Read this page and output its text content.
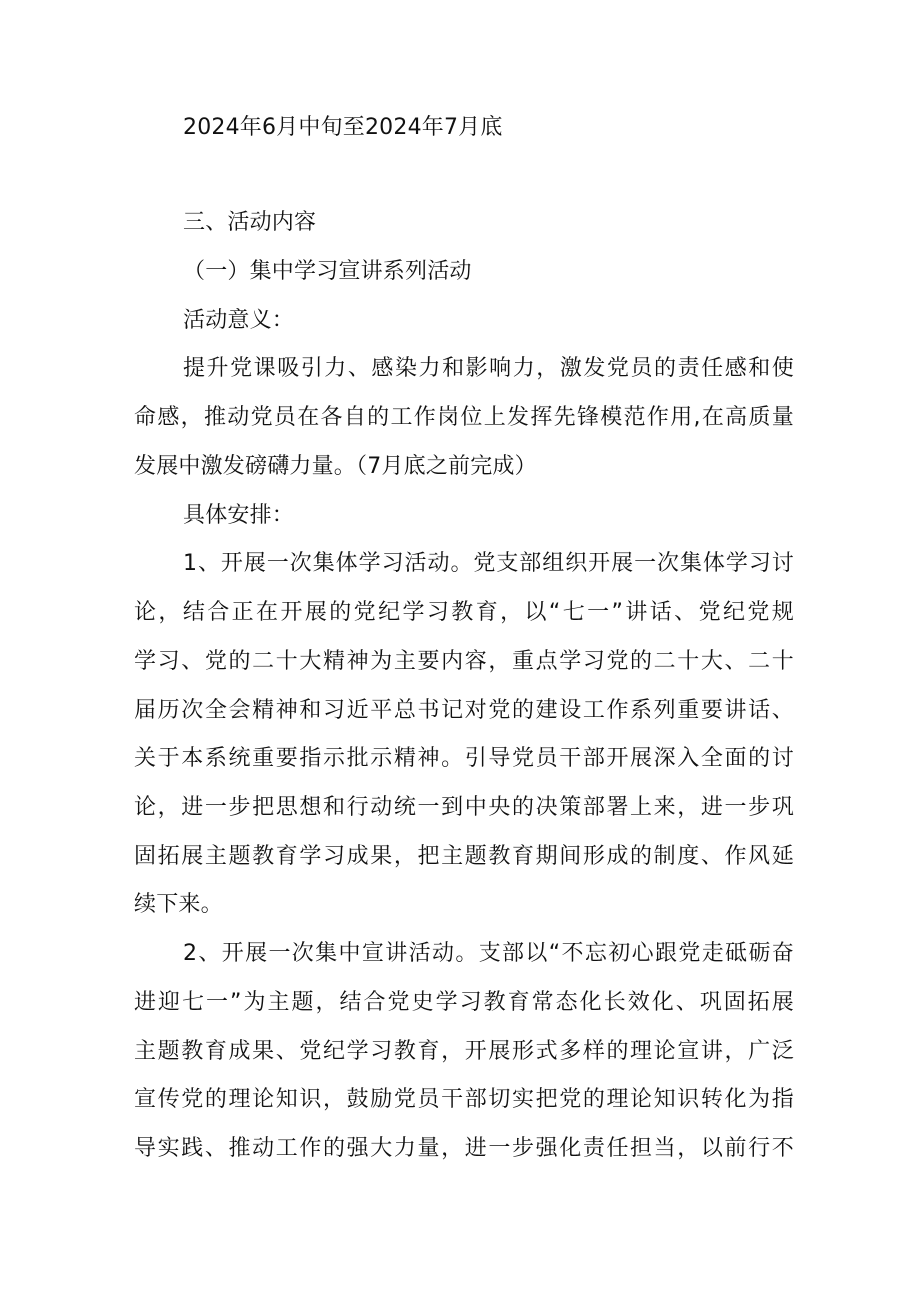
2024年6月中旬至2024年7月底
三、活动内容
（一）集中学习宣讲系列活动
活动意义：
提升党课吸引力、感染力和影响力，激发党员的责任感和使
命感，推动党员在各自的工作岗位上发挥先锋模范作用,在高质量
发展中激发磅礴力量。（7月底之前完成）
具体安排：
1、开展一次集体学习活动。党支部组织开展一次集体学习讨
论，结合正在开展的党纪学习教育，以“七一”讲话、党纪党规
学习、党的二十大精神为主要内容，重点学习党的二十大、二十
届历次全会精神和习近平总书记对党的建设工作系列重要讲话、
关于本系统重要指示批示精神。引导党员干部开展深入全面的讨
论，进一步把思想和行动统一到中央的决策部署上来，进一步巩
固拓展主题教育学习成果，把主题教育期间形成的制度、作风延
续下来。
2、开展一次集中宣讲活动。支部以“不忘初心跟党走砥砺奋
进迎七一”为主题，结合党史学习教育常态化长效化、巩固拓展
主题教育成果、党纪学习教育，开展形式多样的理论宣讲，广泛
宣传党的理论知识，鼓励党员干部切实把党的理论知识转化为指
导实践、推动工作的强大力量，进一步强化责任担当，以前行不
